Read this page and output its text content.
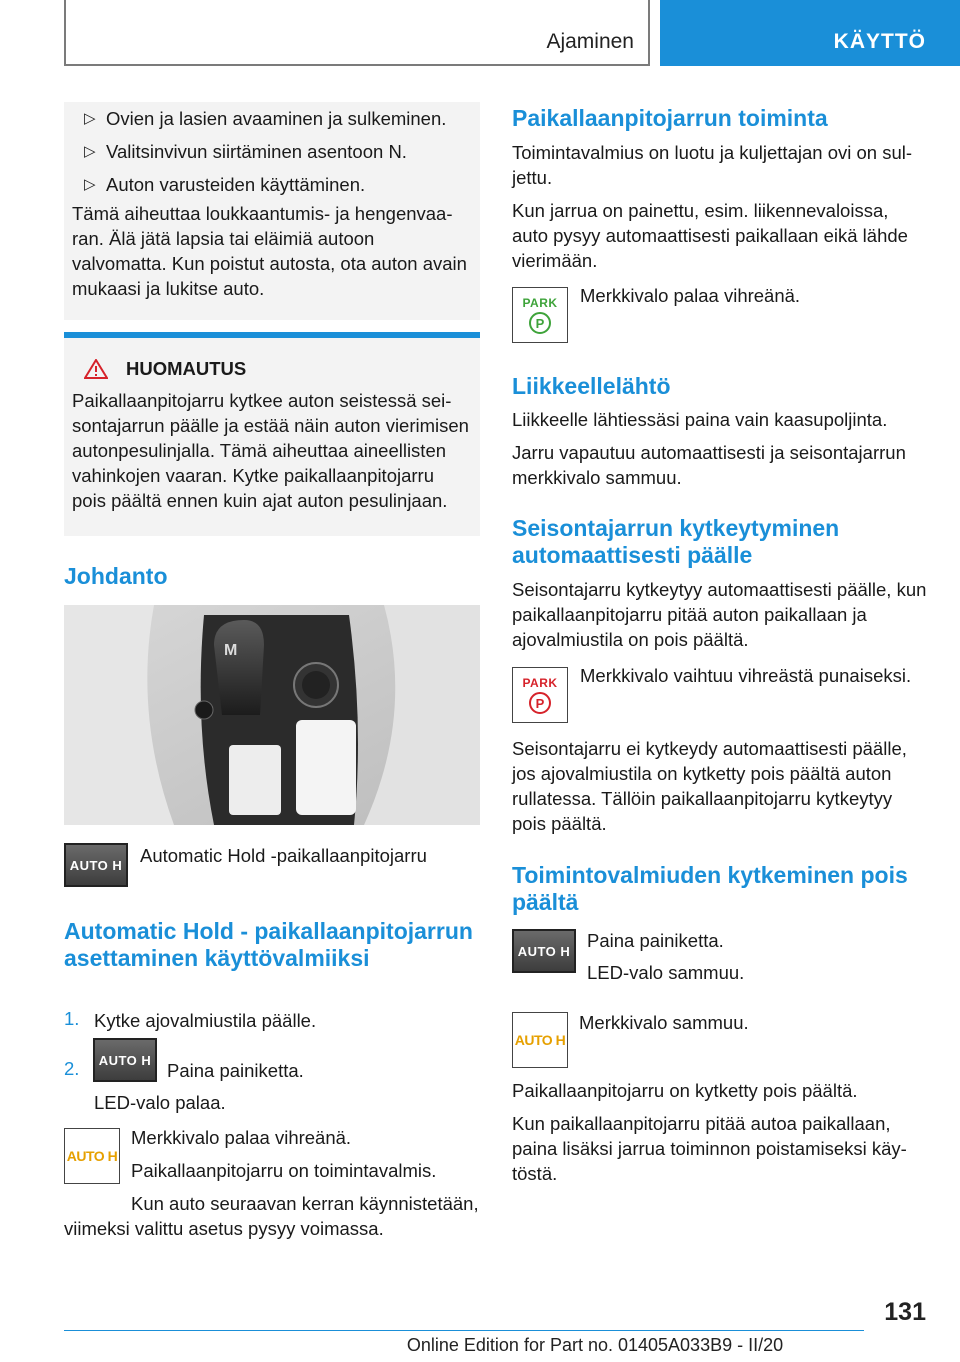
Ajaminen	KÄYTTÖ
▷ Ovien ja lasien avaaminen ja sulkeminen.
▷ Valitsinvivun siirtäminen asentoon N.
▷ Auton varusteiden käyttäminen.

Tämä aiheuttaa loukkaantumis- ja hengenvaaran. Älä jätä lapsia tai eläimiä autoon valvomatta. Kun poistut autosta, ota auton avain mukaasi ja lukitse auto.

HUOMAUTUS

Paikallaanpitojarru kytkee auton seistessä seisontajarrun päälle ja estää näin auton vierimisen autonpesulinjalla. Tämä aiheuttaa aineellisten vahinkojen vaaran. Kytke paikallaanpitojarru pois päältä ennen kuin ajat auton pesulinjaan.

Johdanto
M
AUTO H Automatic Hold -paikallaanpitojarru

Automatic Hold - paikallaanpitojarrun asettaminen käyttövalmiiksi
1. Kytke ajovalmiustila päälle.

2.	AUTO H Paina painiketta.

LED-valo palaa.

AUTO H

Merkkivalo palaa vihreänä.

Paikallaanpitojarru on toimintavalmis.

Kun auto seuraavan kerran käynnistetään, viimeksi valittu asetus pysyy voimassa.

Paikallaanpitojarrun toiminta

Toimintavalmius on luotu ja kuljettajan ovi on suljettu.

Kun jarrua on painettu, esim. liikennevaloissa, auto pysyy automaattisesti paikallaan eikä lähde vierimään.

PARK
P

Merkkivalo palaa vihreänä.

Liikkeellelähtö

Liikkeelle lähtiessäsi paina vain kaasupoljinta.

Jarru vapautuu automaattisesti ja seisontajarrun merkkivalo sammuu.

Seisontajarrun kytkeytyminen automaattisesti päälle

Seisontajarru kytkeytyy automaattisesti päälle, kun paikallaanpitojarru pitää auton paikallaan ja ajovalmiustila on pois päältä.

PARK
P

Merkkivalo vaihtuu vihreästä punaiseksi.

Seisontajarru ei kytkeydy automaattisesti päälle, jos ajovalmiustila on kytketty pois päältä auton rullatessa. Tällöin paikallaanpitojarru kytkeytyy pois päältä.

Toimintovalmiuden kytkeminen pois päältä
AUTO H Paina painiketta.

LED-valo sammuu.

AUTO H

Merkkivalo sammuu.

Paikallaanpitojarru on kytketty pois päältä.

Kun paikallaanpitojarru pitää autoa paikallaan, paina lisäksi jarrua toiminnon poistamiseksi käytöstä.

131
Online Edition for Part no. 01405A033B9 - II/20
